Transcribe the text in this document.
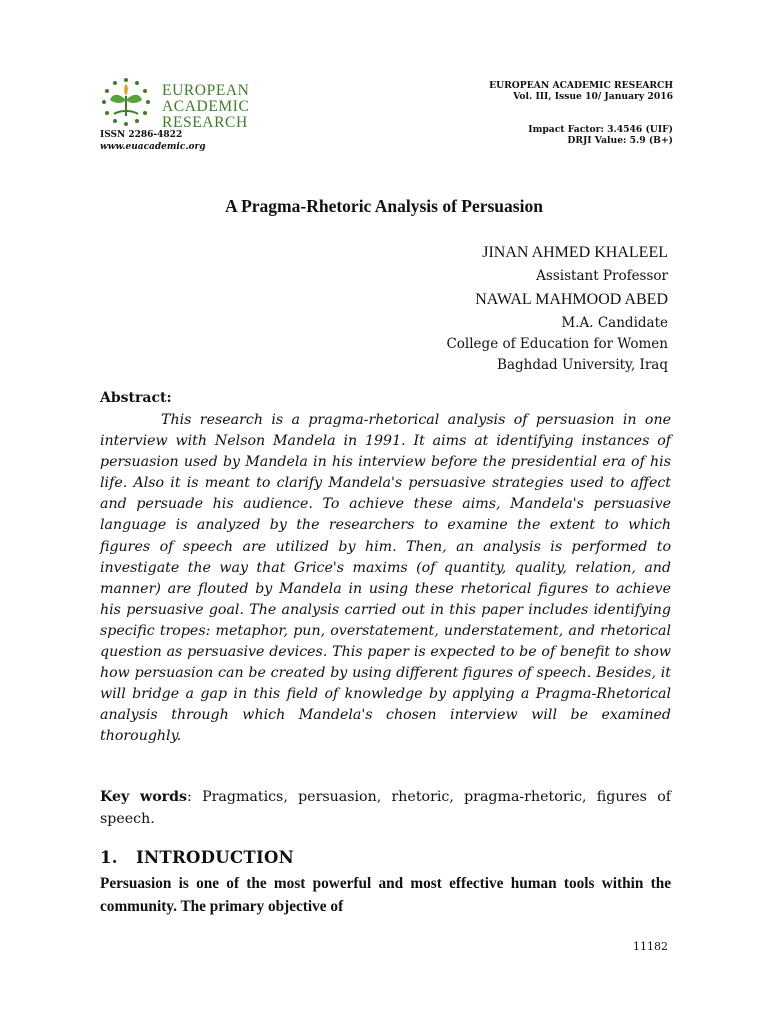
EUROPEAN
ACADEMIC
RESEARCH
ISSN 2286-4822
www.euacademic.org
EUROPEAN ACADEMIC RESEARCH
Vol. III, Issue 10/ January 2016
Impact Factor: 3.4546 (UIF)
DRJI Value: 5.9 (B+)
A Pragma-Rhetoric Analysis of Persuasion
JINAN AHMED KHALEEL
Assistant Professor
NAWAL MAHMOOD ABED
M.A. Candidate
College of Education for Women
Baghdad University, Iraq
Abstract:
This research is a pragma-rhetorical analysis of persuasion in one interview with Nelson Mandela in 1991. It aims at identifying instances of persuasion used by Mandela in his interview before the presidential era of his life. Also it is meant to clarify Mandela's persuasive strategies used to affect and persuade his audience. To achieve these aims, Mandela's persuasive language is analyzed by the researchers to examine the extent to which figures of speech are utilized by him. Then, an analysis is performed to investigate the way that Grice's maxims (of quantity, quality, relation, and manner) are flouted by Mandela in using these rhetorical figures to achieve his persuasive goal. The analysis carried out in this paper includes identifying specific tropes: metaphor, pun, overstatement, understatement, and rhetorical question as persuasive devices. This paper is expected to be of benefit to show how persuasion can be created by using different figures of speech. Besides, it will bridge a gap in this field of knowledge by applying a Pragma-Rhetorical analysis through which Mandela's chosen interview will be examined thoroughly.
Key words: Pragmatics, persuasion, rhetoric, pragma-rhetoric, figures of speech.
1. INTRODUCTION
Persuasion is one of the most powerful and most effective human tools within the community. The primary objective of
11182
